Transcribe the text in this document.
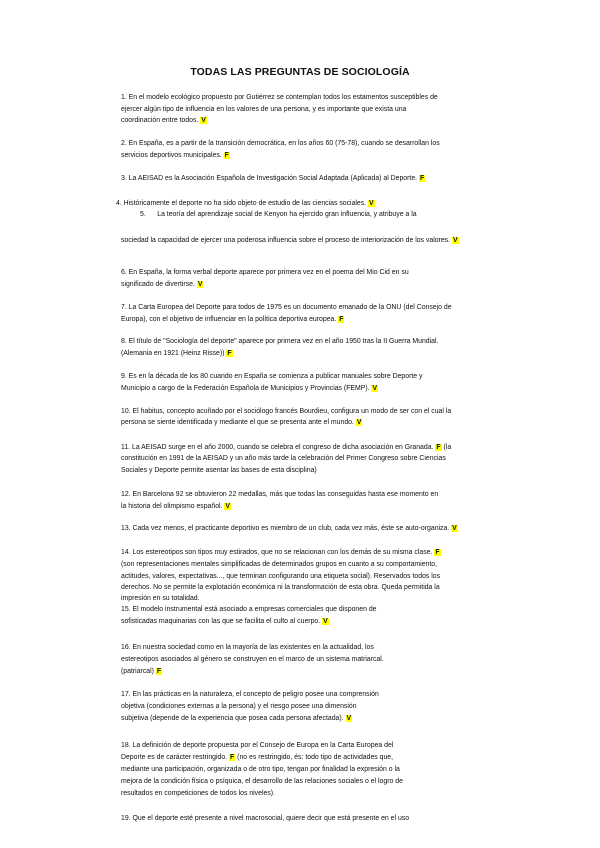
TODAS LAS PREGUNTAS DE SOCIOLOGÍA
1. En el modelo ecológico propuesto por Gutiérrez se contemplan todos los estamentos susceptibles de
ejercer algún tipo de influencia en los valores de una persona, y es importante que exista una
coordinación entre todos. V
2. En España, es a partir de la transición democrática, en los años 60 (75-78), cuando se desarrollan los
servicios deportivos municipales. F
3. La AEISAD es la Asociación Española de Investigación Social Adaptada (Aplicada) al Deporte. F
4. Históricamente el deporte no ha sido objeto de estudio de las ciencias sociales. V
5.      La teoría del aprendizaje social de Kenyon ha ejercido gran influencia, y atribuye a la
sociedad la capacidad de ejercer una poderosa influencia sobre el proceso de interiorización de los valores. V
6. En España, la forma verbal deporte aparece por primera vez en el poema del Mio Cid en su
significado de divertirse. V
7. La Carta Europea del Deporte para todos de 1975 es un documento emanado de la ONU (del Consejo de
Europa), con el objetivo de influenciar en la política deportiva europea. F
8. El título de "Sociología del deporte" aparece por primera vez en el año 1950 tras la II Guerra Mundial.
(Alemania en 1921 (Heinz Risse)) F
9. Es en la década de los 80 cuando en España se comienza a publicar manuales sobre Deporte y
Municipio a cargo de la Federación Española de Municipios y Provincias (FEMP). V
10. El habitus, concepto acuñado por el sociólogo francés Bourdieu, configura un modo de ser con el cual la
persona se siente identificada y mediante el que se presenta ante el mundo. V
11. La AEISAD surge en el año 2000, cuando se celebra el congreso de dicha asociación en Granada. F (la
constitución en 1991 de la AEISAD y un año más tarde la celebración del Primer Congreso sobre Ciencias
Sociales y Deporte permite asentar las bases de esta disciplina)
12. En Barcelona 92 se obtuvieron 22 medallas, más que todas las conseguidas hasta ese momento en
la historia del olimpismo español. V
13. Cada vez menos, el practicante deportivo es miembro de un club, cada vez más, éste se auto-organiza. V
14. Los estereotipos son tipos muy estirados, que no se relacionan con los demás de su misma clase. F
(son representaciones mentales simplificadas de determinados grupos en cuanto a su comportamiento,
actitudes, valores, expectativas..., que terminan configurando una etiqueta social). Reservados todos los
derechos. No se permite la explotación económica ni la transformación de esta obra. Queda permitida la
impresión en su totalidad.
15. El modelo instrumental está asociado a empresas comerciales que disponen de
sofisticadas maquinarias con las que se facilita el culto al cuerpo. V
16. En nuestra sociedad como en la mayoría de las existentes en la actualidad, los
estereotipos asociados al género se construyen en el marco de un sistema matriarcal.
(patriarcal) F
17. En las prácticas en la naturaleza, el concepto de peligro posee una comprensión
objetiva (condiciones externas a la persona) y el riesgo posee una dimensión
subjetiva (depende de la experiencia que posea cada persona afectada). V
18. La definición de deporte propuesta por el Consejo de Europa en la Carta Europea del
Deporte es de carácter restringido. F (no es restringido, és: todo tipo de actividades que,
mediante una participación, organizada o de otro tipo, tengan por finalidad la expresión o la
mejora de la condición física o psíquica, el desarrollo de las relaciones sociales o el logro de
resultados en competiciones de todos los niveles).
19. Que el deporte esté presente a nivel macrosocial, quiere decir que está presente en el uso
